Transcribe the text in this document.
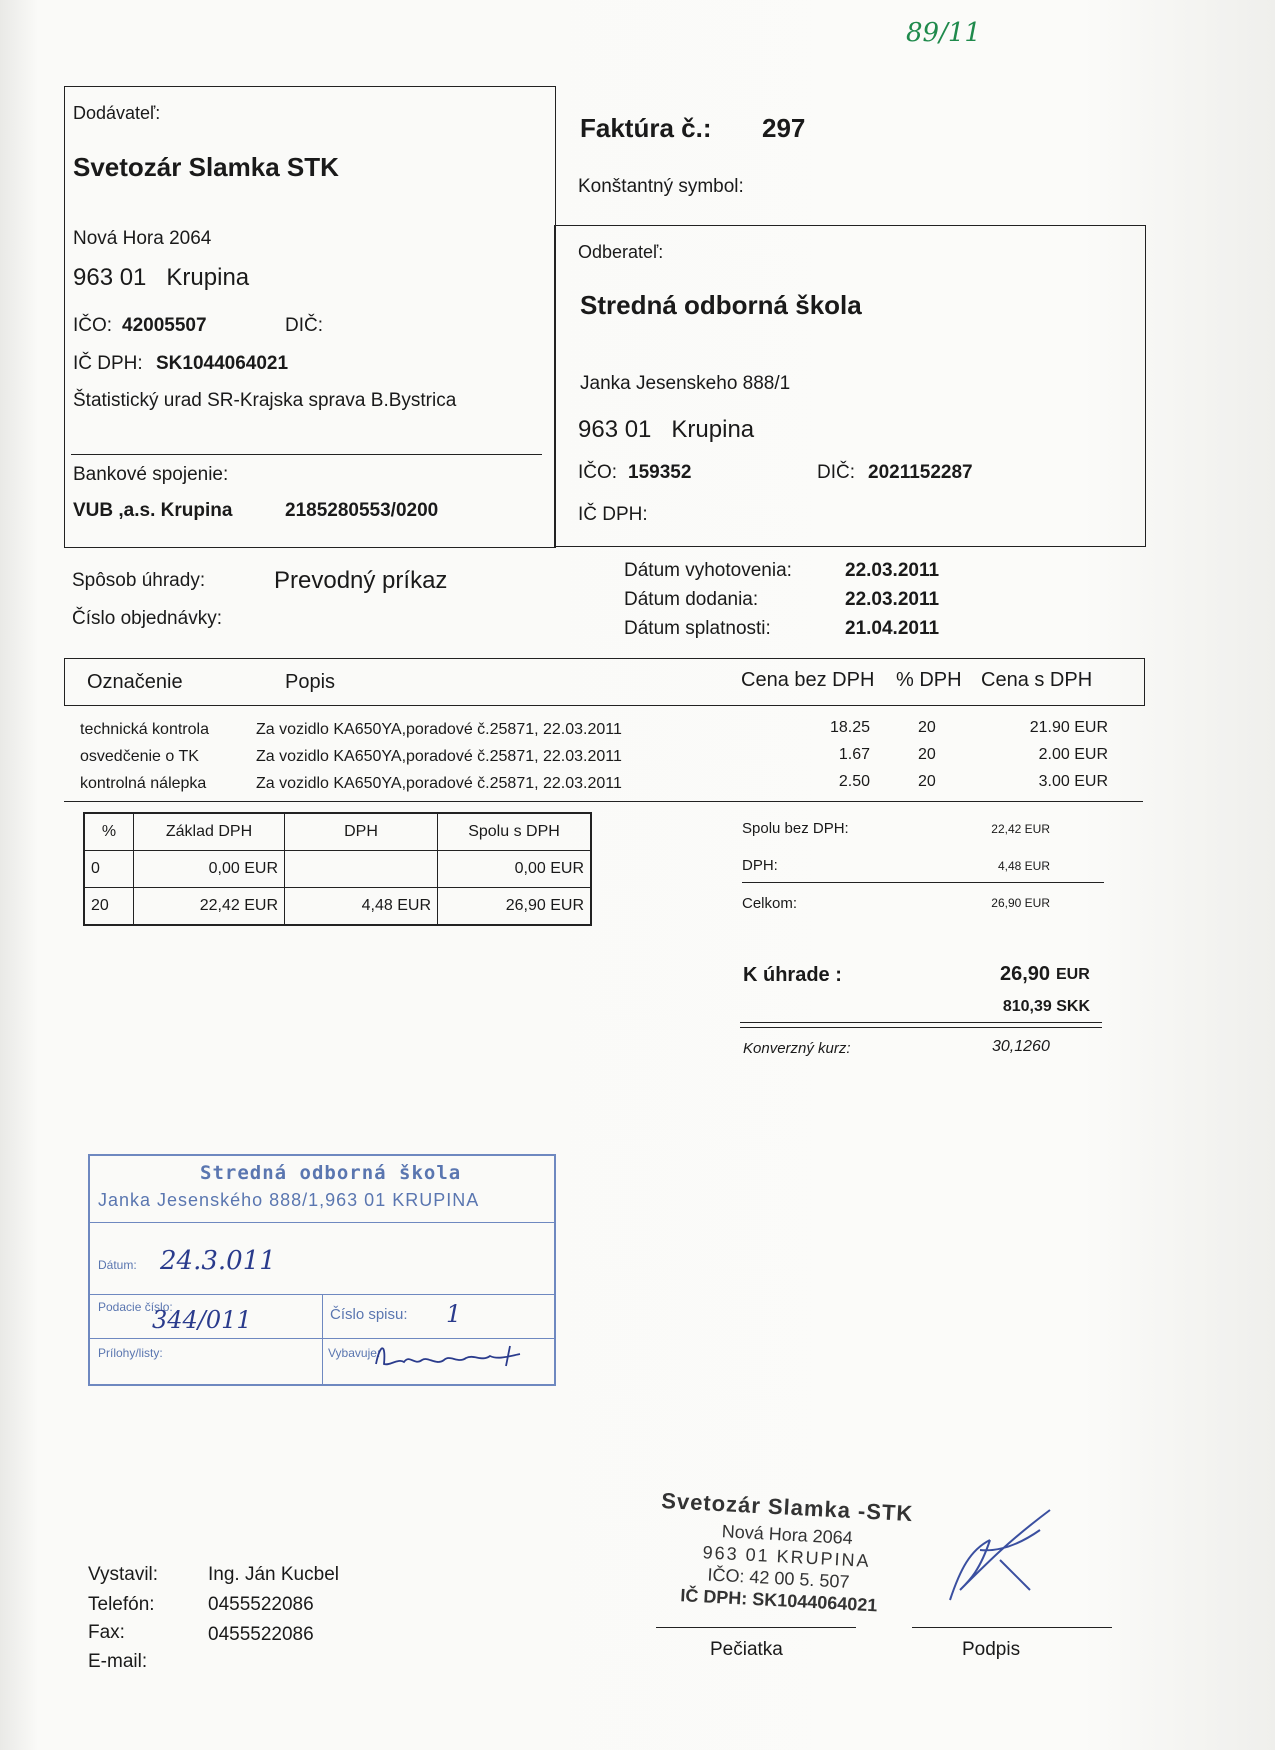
89/11
Dodávateľ:
Svetozár Slamka STK
Nová Hora 2064
963 01   Krupina
IČO: 42005507	DIČ:
IČ DPH: SK1044064021
Štatistický urad SR-Krajska sprava B.Bystrica
Bankové spojenie:
VUB ,a.s. Krupina	2185280553/0200
Faktúra č.: 297
Konštantný symbol:
Odberateľ:
Stredná odborná škola
Janka Jesenskeho 888/1
963 01   Krupina
IČO: 159352	DIČ: 2021152287
IČ DPH:
Spôsob úhrady:	Prevodný príkaz
Číslo objednávky:
Dátum vyhotovenia:	22.03.2011
Dátum dodania:	22.03.2011
Dátum splatnosti:	21.04.2011
Označenie	Popis	Cena bez DPH % DPH Cena s DPH
technická kontrola	Za vozidlo KA650YA,poradové č.25871, 22.03.2011	18.25	20	21.90 EUR
osvedčenie o TK	Za vozidlo KA650YA,poradové č.25871, 22.03.2011	1.67	20	2.00 EUR
kontrolná nálepka	Za vozidlo KA650YA,poradové č.25871, 22.03.2011	2.50	20	3.00 EUR
%	Základ DPH	DPH	Spolu s DPH
0	0,00 EUR		0,00 EUR
20	22,42 EUR	4,48 EUR	26,90 EUR
Spolu bez DPH:	22,42 EUR
DPH:	4,48 EUR
Celkom:	26,90 EUR
K úhrade :	26,90 EUR
810,39 SKK
Konverzný kurz:	30,1260
Stredná odborná škola
Janka Jesenského 888/1,963 01 KRUPINA
Dátum: 24.3.011
Podacie číslo:
344/011	Číslo spisu: 1
Prílohy/listy:	Vybavuje:
Vystavil:	Ing. Ján Kucbel
Telefón:	0455522086
Fax:	0455522086
E-mail:
Svetozár Slamka -STK
Nová Hora 2064
963 01 KRUPINA
IČO: 42 00 5. 507
IČ DPH: SK1044064021
Pečiatka	Podpis
